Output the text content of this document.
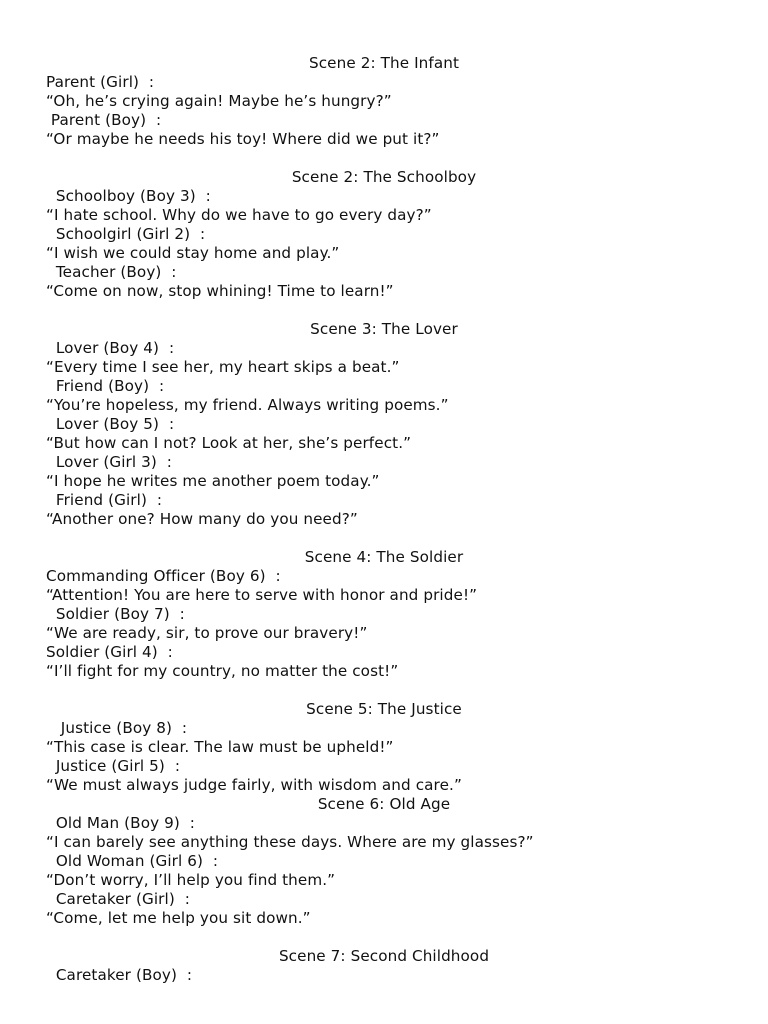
Scene 2: The Infant
Parent (Girl)  :
“Oh, he’s crying again! Maybe he’s hungry?”
Parent (Boy)  :
“Or maybe he needs his toy! Where did we put it?”
Scene 2: The Schoolboy
Schoolboy (Boy 3)  :
“I hate school. Why do we have to go every day?”
Schoolgirl (Girl 2)  :
“I wish we could stay home and play.”
Teacher (Boy)  :
“Come on now, stop whining! Time to learn!”
Scene 3: The Lover
Lover (Boy 4)  :
“Every time I see her, my heart skips a beat.”
Friend (Boy)  :
“You’re hopeless, my friend. Always writing poems.”
Lover (Boy 5)  :
“But how can I not? Look at her, she’s perfect.”
Lover (Girl 3)  :
“I hope he writes me another poem today.”
Friend (Girl)  :
“Another one? How many do you need?”
Scene 4: The Soldier
Commanding Officer (Boy 6)  :
“Attention! You are here to serve with honor and pride!”
Soldier (Boy 7)  :
“We are ready, sir, to prove our bravery!”
Soldier (Girl 4)  :
“I’ll fight for my country, no matter the cost!”
Scene 5: The Justice
Justice (Boy 8)  :
“This case is clear. The law must be upheld!”
Justice (Girl 5)  :
“We must always judge fairly, with wisdom and care.”
Scene 6: Old Age
Old Man (Boy 9)  :
“I can barely see anything these days. Where are my glasses?”
Old Woman (Girl 6)  :
“Don’t worry, I’ll help you find them.”
Caretaker (Girl)  :
“Come, let me help you sit down.”
Scene 7: Second Childhood
Caretaker (Boy)  :
